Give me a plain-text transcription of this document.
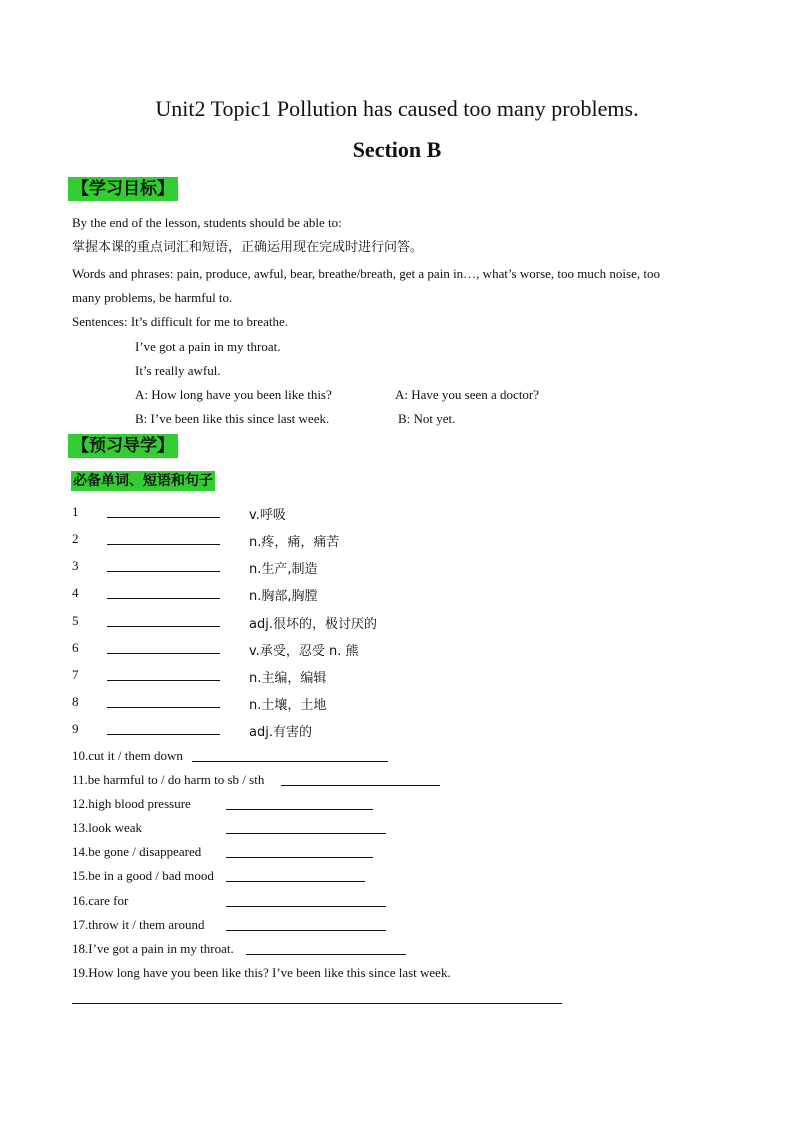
Unit2 Topic1 Pollution has caused too many problems.
Section B
【学习目标】
By the end of the lesson, students should be able to:
掌握本课的重点词汇和短语，正确运用现在完成时进行问答。
Words and phrases: pain, produce, awful, bear, breathe/breath, get a pain in…, what’s worse, too much noise, too
many problems, be harmful to.
Sentences: It’s difficult for me to breathe.
I’ve got a pain in my throat.
It’s really awful.
A: How long have you been like this?	A: Have you seen a doctor?
B: I’ve been like this since last week.	B: Not yet.
【预习导学】
必备单词、短语和句子
1	v.呼吸
2	n.疼，痛，痛苦
3	n.生产,制造
4	n.胸部,胸膛
5	adj.很坏的，极讨厌的
6	v.承受，忍受 n. 熊
7	n.主编，编辑
8	n.土壤，土地
9	adj.有害的
10.cut it / them down
11.be harmful to / do harm to sb / sth
12.high blood pressure
13.look weak
14.be gone / disappeared
15.be in a good / bad mood
16.care for
17.throw it / them around
18.I’ve got a pain in my throat.
19.How long have you been like this? I’ve been like this since last week.
